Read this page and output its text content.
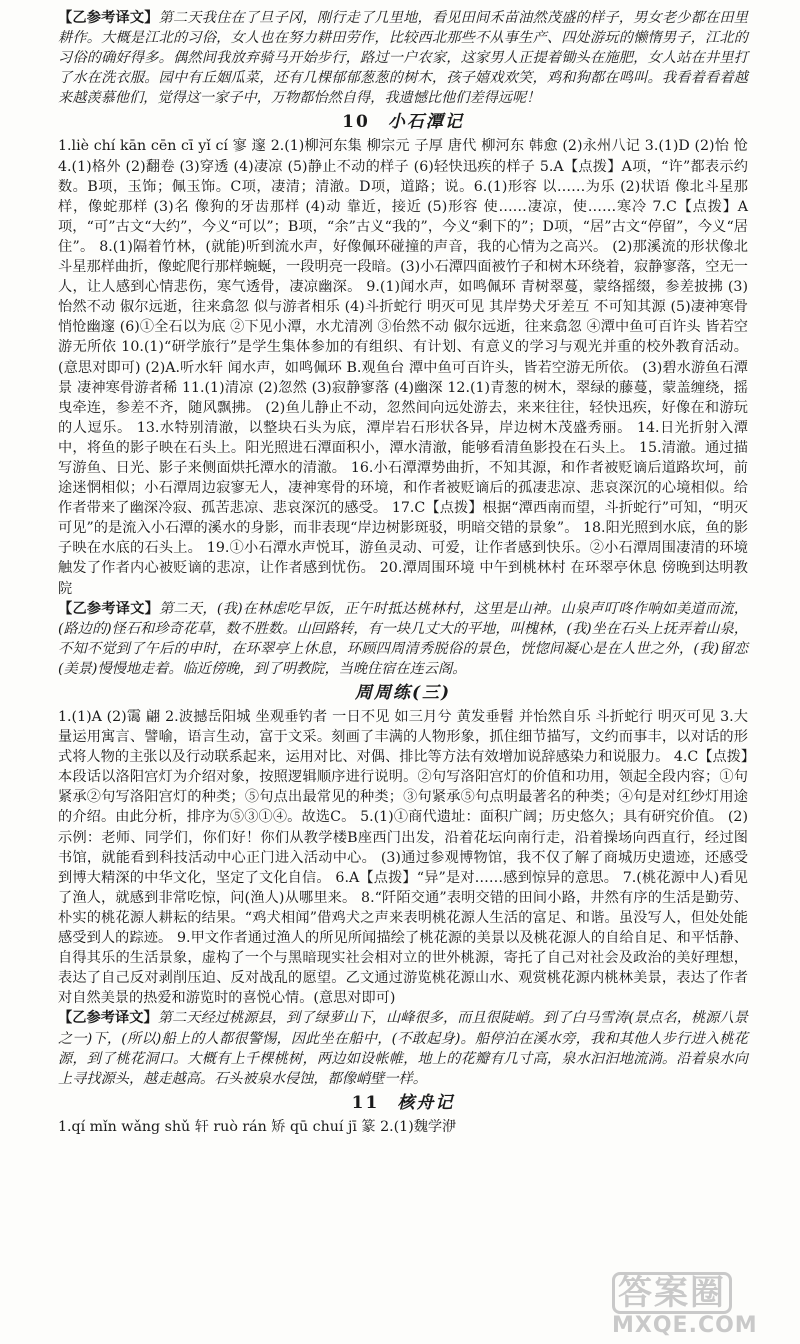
【乙参考译文】第二天我住在了旦子冈，刚行走了几里地，看见田间禾苗油然茂盛的样子，男女老少都在田里耕作。大概是江北的习俗，女人也在努力耕田劳作，比较西北那些不从事生产、四处游玩的懒惰男子，江北的习俗的确好得多。偶然间我放弃骑马开始步行，路过一户农家，这家男人正提着锄头在施肥，女人站在井里打了水在洗衣服。园中有丘姻瓜菜，还有几棵郁郁葱葱的树木，孩子嬉戏欢笑，鸡和狗都在鸣叫。我看着看着越来越羡慕他们，觉得这一家子中，万物都怡然自得，我遗憾比他们差得远呢！

10 小石潭记

1.liè chí kān cēn cī yǐ cí 寥 邃 2.(1)柳河东集 柳宗元 子厚 唐代 柳河东 韩愈 (2)永州八记 3.(1)D (2)怡 怆 4.(1)格外 (2)翻卷 (3)穿透 (4)凄凉 (5)静止不动的样子 (6)轻快迅疾的样子 5.A【点拨】A项，“许”都表示约数。B项，玉饰；佩玉饰。C项，凄清；清澈。D项，道路；说。6.(1)形容 以……为乐 (2)状语 像北斗星那样，像蛇那样 (3)名 像狗的牙齿那样 (4)动 靠近，接近 (5)形容 使……凄凉，使……寒冷 7.C【点拨】A项，“可”古文“大约”，今义“可以”；B项，“余”古义“我的”，今义“剩下的”；D项，“居”古文“停留”，今义“居住”。 8.(1)隔着竹林，(就能)听到流水声，好像佩环碰撞的声音，我的心情为之高兴。 (2)那溪流的形状像北斗星那样曲折，像蛇爬行那样蜿蜒，一段明亮一段暗。(3)小石潭四面被竹子和树木环绕着，寂静寥落，空无一人，让人感到心情悲伤，寒气透骨，凄凉幽深。 9.(1)闻水声，如鸣佩环 青树翠蔓，蒙络摇缀，参差披拂 (3)怡然不动 俶尔远逝，往来翕忽 似与游者相乐 (4)斗折蛇行 明灭可见 其岸势犬牙差互 不可知其源 (5)凄神寒骨 悄怆幽邃 (6)①全石以为底 ②下见小潭，水尤清冽 ③佁然不动 俶尔远逝，往来翕忽 ④潭中鱼可百许头 皆若空游无所依 10.(1)“研学旅行”是学生集体参加的有组织、有计划、有意义的学习与观光并重的校外教育活动。(意思对即可) (2)A.听水轩 闻水声，如鸣佩环 B.观鱼台 潭中鱼可百许头，皆若空游无所依。 (3)碧水游鱼石潭景 凄神寒骨游者稀 11.(1)清凉 (2)忽然 (3)寂静寥落 (4)幽深 12.(1)青葱的树木，翠绿的藤蔓，蒙盖缠绕，摇曳牵连，参差不齐，随风飘拂。 (2)鱼儿静止不动，忽然间向远处游去，来来往往，轻快迅疾，好像在和游玩的人逗乐。 13.水特别清澈，以整块石头为底，潭岸岩石形状各异，岸边树木茂盛秀丽。 14.日光折射入潭中，将鱼的影子映在石头上。阳光照进石潭面积小，潭水清澈，能够看清鱼影投在石头上。 15.清澈。通过描写游鱼、日光、影子来侧面烘托潭水的清澈。 16.小石潭潭势曲折，不知其源，和作者被贬谪后道路坎坷，前途迷惘相似；小石潭周边寂寥无人，凄神寒骨的环境，和作者被贬谪后的孤凄悲凉、悲哀深沉的心境相似。给作者带来了幽深冷寂、孤苦悲凉、悲哀深沉的感受。 17.C【点拨】根据“潭西南而望，斗折蛇行”可知，“明灭可见”的是流入小石潭的溪水的身影，而非表现“岸边树影斑驳，明暗交错的景象”。 18.阳光照到水底，鱼的影子映在水底的石头上。 19.①小石潭水声悦耳，游鱼灵动、可爱，让作者感到快乐。②小石潭周围凄清的环境触发了作者内心被贬谪的悲凉，让作者感到忧伤。 20.潭周围环境 中午到桃林村 在环翠亭休息 傍晚到达明教院

【乙参考译文】第二天，(我)在林虑吃早饭，正午时抵达桃林村，这里是山神。山泉声叮咚作响如美道而流，(路边的)怪石和珍奇花草，数不胜数。山回路转，有一块几丈大的平地，叫槐林，(我)坐在石头上抚弄着山泉，不知不觉到了午后的申时，在环翠亭上休息，环顾四周清秀脱俗的景色，恍惚间凝心是在人世之外，(我)留恋(美景)慢慢地走着。临近傍晚，到了明教院，当晚住宿在连云阁。

周周练(三)

1.(1)A (2)霭 翩 2.波撼岳阳城 坐观垂钓者 一日不见 如三月兮 黄发垂髫 并怡然自乐 斗折蛇行 明灭可见 3.大量运用寓言、譬喻，语言生动，富于文采。刻画了丰满的人物形象，抓住细节描写，文约而事丰，以对话的形式将人物的主张以及行动联系起来，运用对比、对偶、排比等方法有效增加说辞感染力和说服力。 4.C【点拨】本段话以洛阳宫灯为介绍对象，按照逻辑顺序进行说明。②句写洛阳宫灯的价值和功用，领起全段内容；①句紧承②句写洛阳宫灯的种类；⑤句点出最常见的种类；③句紧承⑤句点明最著名的种类；④句是对红纱灯用途的介绍。由此分析，排序为⑤③①④。故选C。 5.(1)①商代遗址：面积广阔；历史悠久；具有研究价值。 (2)示例：老师、同学们，你们好！你们从教学楼B座西门出发，沿着花坛向南行走，沿着操场向西直行，经过图书馆，就能看到科技活动中心正门进入活动中心。 (3)通过参观博物馆，我不仅了解了商城历史遗迹，还感受到博大精深的中华文化，坚定了文化自信。 6.A【点拨】“异”是对……感到惊异的意思。 7.(桃花源中人)看见了渔人，就感到非常吃惊，问(渔人)从哪里来。 8.“阡陌交通”表明交错的田间小路，井然有序的生活是勤劳、朴实的桃花源人耕耘的结果。“鸡犬相闻”借鸡犬之声来表明桃花源人生活的富足、和谐。虽没写人，但处处能感受到人的踪迹。 9.甲文作者通过渔人的所见所闻描绘了桃花源的美景以及桃花源人的自给自足、和平恬静、自得其乐的生活景象，虚构了一个与黑暗现实社会相对立的世外桃源，寄托了自己对社会及政治的美好理想，表达了自己反对剥削压迫、反对战乱的愿望。乙文通过游览桃花源山水、观赏桃花源内桃林美景，表达了作者对自然美景的热爱和游览时的喜悦心情。(意思对即可)

【乙参考译文】第二天经过桃源县，到了绿萝山下，山峰很多，而且很陡峭。到了白马雪涛(景点名，桃源八景之一)下，(所以)船上的人都很警惕，因此坐在船中，(不敢起身)。船停泊在溪水旁，我和其他人步行进入桃花源，到了桃花洞口。大概有上千棵桃树，两边如设帐帷，地上的花瓣有几寸高，泉水汩汩地流淌。沿着泉水向上寻找源头，越走越高。石头被泉水侵蚀，都像峭壁一样。

11 核舟记

1.qí mǐn wǎng shǔ 轩 ruò rán 矫 qū chuí jī 篆 2.(1)魏学洢

答案圈
MXQE.COM
